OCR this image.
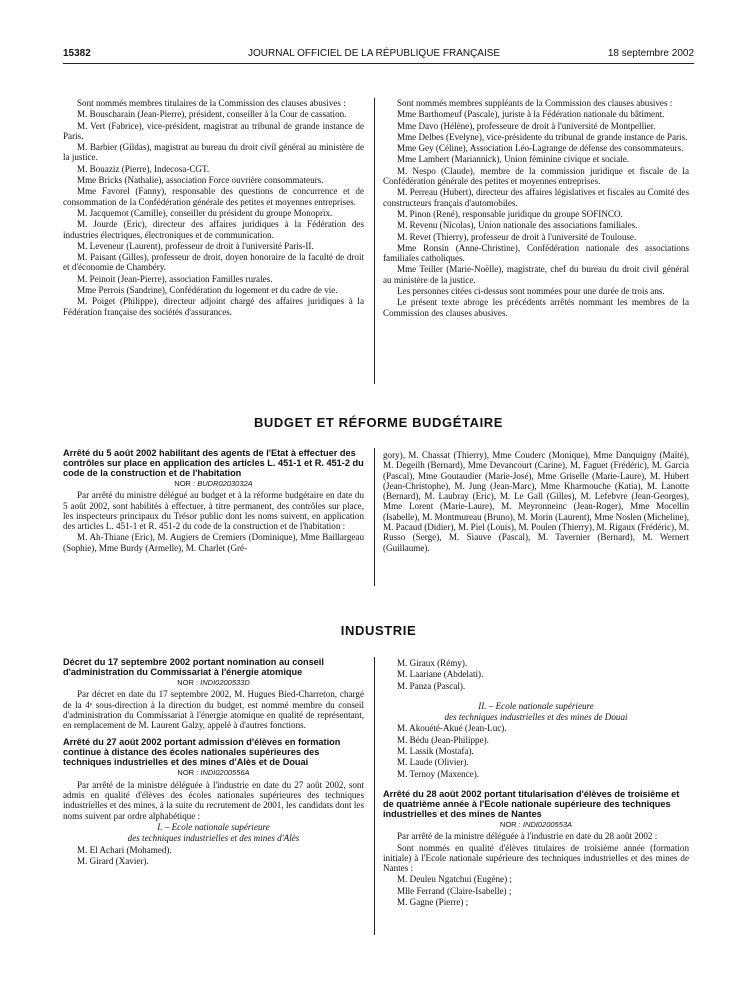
15382	JOURNAL OFFICIEL DE LA RÉPUBLIQUE FRANÇAISE	18 septembre 2002

Sont nommés membres titulaires de la Commission des clauses abusives :

M. Bouscharain (Jean-Pierre), président, conseiller à la Cour de cassation.

M. Vert (Fabrice), vice-président, magistrat au tribunal de grande instance de Paris.

M. Barbier (Gildas), magistrat au bureau du droit civil général au ministère de la justice.

M. Bouaziz (Pierre), Indecosa-CGT.

Mme Bricks (Nathalie), association Force ouvrière consommateurs.

Mme Favorel (Fanny), responsable des questions de concurrence et de consommation de la Confédération générale des petites et moyennes entreprises.

M. Jacquemot (Camille), conseiller du président du groupe Monoprix.

M. Jourde (Eric), directeur des affaires juridiques à la Fédération des industries électriques, électroniques et de communication.

M. Leveneur (Laurent), professeur de droit à l'université Paris-II.

M. Paisant (Gilles), professeur de droit, doyen honoraire de la faculté de droit et d'économie de Chambéry.

M. Peinoit (Jean-Pierre), association Familles rurales.

Mme Perrois (Sandrine), Confédération du logement et du cadre de vie.

M. Poiget (Philippe), directeur adjoint chargé des affaires juridiques à la Fédération française des sociétés d'assurances.

Sont nommés membres suppléants de la Commission des clauses abusives :

Mme Barthomeuf (Pascale), juriste à la Fédération nationale du bâtiment.

Mme Davo (Hélène), professeure de droit à l'université de Montpellier.

Mme Delbes (Evelyne), vice-présidente du tribunal de grande instance de Paris.

Mme Gey (Céline), Association Léo-Lagrange de défense des consommateurs.

Mme Lambert (Mariannick), Union féminine civique et sociale.

M. Nespo (Claude), membre de la commission juridique et fiscale de la Confédération générale des petites et moyennes entreprises.

M. Perreau (Hubert), directeur des affaires législatives et fiscales au Comité des constructeurs français d'automobiles.

M. Pinon (René), responsable juridique du groupe SOFINCO.

M. Revenu (Nicolas), Union nationale des associations familiales.

M. Revet (Thierry), professeur de droit à l'université de Toulouse.

Mme Ronsin (Anne-Christine), Confédération nationale des associations familiales catholiques.

Mme Teiller (Marie-Noëlle), magistrate, chef du bureau du droit civil général au ministère de la justice.

Les personnes citées ci-dessus sont nommées pour une durée de trois ans.

Le présent texte abroge les précédents arrêtés nommant les membres de la Commission des clauses abusives.

BUDGET ET RÉFORME BUDGÉTAIRE

Arrêté du 5 août 2002 habilitant des agents de l'Etat à effectuer des contrôles sur place en application des articles L. 451-1 et R. 451-2 du code de la construction et de l'habitation

NOR : BUDR0203032A

Par arrêté du ministre délégué au budget et à la réforme budgétaire en date du 5 août 2002, sont habilités à effectuer, à titre permanent, des contrôles sur place, les inspecteurs principaux du Trésor public dont les noms suivent, en application des articles L. 451-1 et R. 451-2 du code de la construction et de l'habitation :

M. Ah-Thiane (Eric), M. Augiers de Cremiers (Dominique), Mme Baillargeau (Sophie), Mme Burdy (Armelle), M. Charlet (Gré-

gory), M. Chassat (Thierry), Mme Couderc (Monique), Mme Danquigny (Maïté), M. Degeilh (Bernard), Mme Devancourt (Carine), M. Faguet (Frédéric), M. Garcia (Pascal), Mme Goutaudier (Marie-José), Mme Griselle (Marie-Laure), M. Hubert (Jean-Christophe), M. Jung (Jean-Marc), Mme Kharmouche (Katia), M. Lanotte (Bernard), M. Laubray (Eric), M. Le Gall (Gilles), M. Lefebvre (Jean-Georges), Mme Lorent (Marie-Laure), M. Meyronneinc (Jean-Roger), Mme Mocellin (Isabelle), M. Montmureau (Bruno), M. Morin (Laurent), Mme Noslen (Micheline), M. Pacaud (Didier), M. Piel (Louis), M. Poulen (Thierry), M. Rigaux (Frédéric), M. Russo (Serge), M. Siauve (Pascal), M. Tavernier (Bernard), M. Wernert (Guillaume).

INDUSTRIE

Décret du 17 septembre 2002 portant nomination au conseil d'administration du Commissariat à l'énergie atomique

NOR : INDI0200533D

Par décret en date du 17 septembre 2002, M. Hugues Bied-Charreton, chargé de la 4ᵉ sous-direction à la direction du budget, est nommé membre du conseil d'administration du Commissariat à l'énergie atomique en qualité de représentant, en remplacement de M. Laurent Galzy, appelé à d'autres fonctions.

Arrêté du 27 août 2002 portant admission d'élèves en formation continue à distance des écoles nationales supérieures des techniques industrielles et des mines d'Alès et de Douai

NOR : INDI0200556A

Par arrêté de la ministre déléguée à l'industrie en date du 27 août 2002, sont admis en qualité d'élèves des écoles nationales supérieures des techniques industrielles et des mines, à la suite du recrutement de 2001, les candidats dont les noms suivent par ordre alphabétique :

I. – Ecole nationale supérieure

des techniques industrielles et des mines d'Alès

M. El Achari (Mohamed).

M. Girard (Xavier).

M. Giraux (Rémy).

M. Laariane (Abdelati).

M. Panza (Pascal).

II. – Ecole nationale supérieure

des techniques industrielles et des mines de Douai

M. Akouété-Akué (Jean-Luc).

M. Bédu (Jean-Philippe).

M. Lassik (Mostafa).

M. Laude (Olivier).

M. Ternoy (Maxence).

Arrêté du 28 août 2002 portant titularisation d'élèves de troisième et de quatrième année à l'Ecole nationale supérieure des techniques industrielles et des mines de Nantes

NOR : INDI0200553A

Par arrêté de la ministre déléguée à l'industrie en date du 28 août 2002 :

Sont nommés en qualité d'élèves titulaires de troisième année (formation initiale) à l'Ecole nationale supérieure des techniques industrielles et des mines de Nantes :

M. Deuleu Ngatchui (Eugène) ;

Mlle Ferrand (Claire-Isabelle) ;

M. Gagne (Pierre) ;
